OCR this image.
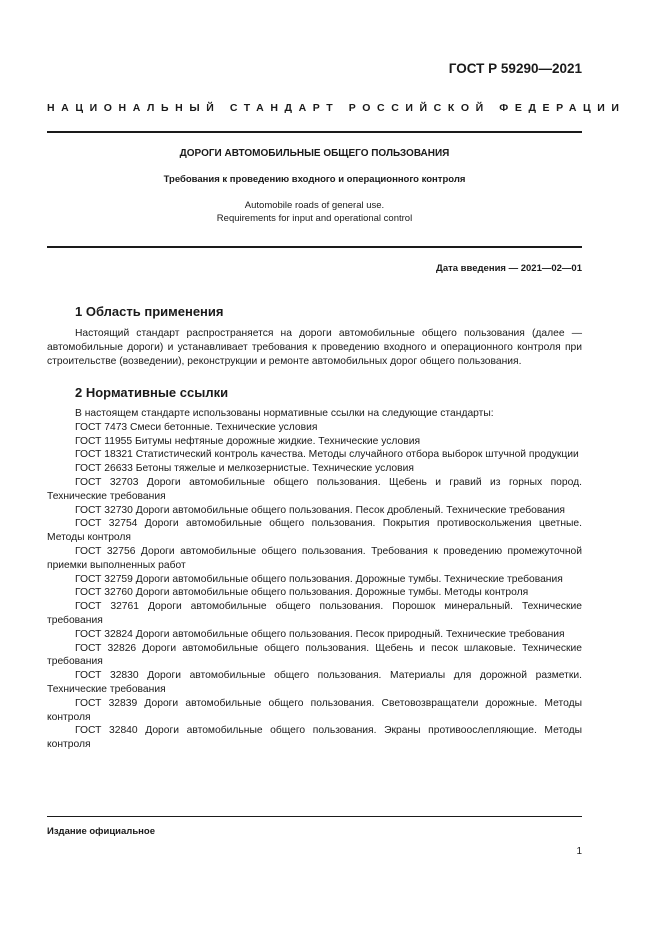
ГОСТ Р 59290—2021
НАЦИОНАЛЬНЫЙ СТАНДАРТ РОССИЙСКОЙ ФЕДЕРАЦИИ
ДОРОГИ АВТОМОБИЛЬНЫЕ ОБЩЕГО ПОЛЬЗОВАНИЯ
Требования к проведению входного и операционного контроля
Automobile roads of general use.
Requirements for input and operational control
Дата введения — 2021—02—01
1 Область применения

Настоящий стандарт распространяется на дороги автомобильные общего пользования (далее — автомобильные дороги) и устанавливает требования к проведению входного и операционного контроля при строительстве (возведении), реконструкции и ремонте автомобильных дорог общего пользования.

2 Нормативные ссылки

В настоящем стандарте использованы нормативные ссылки на следующие стандарты:

ГОСТ 7473 Смеси бетонные. Технические условия

ГОСТ 11955 Битумы нефтяные дорожные жидкие. Технические условия

ГОСТ 18321 Статистический контроль качества. Методы случайного отбора выборок штучной продукции

ГОСТ 26633 Бетоны тяжелые и мелкозернистые. Технические условия

ГОСТ 32703 Дороги автомобильные общего пользования. Щебень и гравий из горных пород. Технические требования

ГОСТ 32730 Дороги автомобильные общего пользования. Песок дробленый. Технические требования

ГОСТ 32754 Дороги автомобильные общего пользования. Покрытия противоскольжения цветные. Методы контроля

ГОСТ 32756 Дороги автомобильные общего пользования. Требования к проведению промежуточной приемки выполненных работ

ГОСТ 32759 Дороги автомобильные общего пользования. Дорожные тумбы. Технические требования

ГОСТ 32760 Дороги автомобильные общего пользования. Дорожные тумбы. Методы контроля

ГОСТ 32761 Дороги автомобильные общего пользования. Порошок минеральный. Технические требования

ГОСТ 32824 Дороги автомобильные общего пользования. Песок природный. Технические требования

ГОСТ 32826 Дороги автомобильные общего пользования. Щебень и песок шлаковые. Технические требования

ГОСТ 32830 Дороги автомобильные общего пользования. Материалы для дорожной разметки. Технические требования

ГОСТ 32839 Дороги автомобильные общего пользования. Световозвращатели дорожные. Методы контроля

ГОСТ 32840 Дороги автомобильные общего пользования. Экраны противоослепляющие. Методы контроля

Издание официальное
1
